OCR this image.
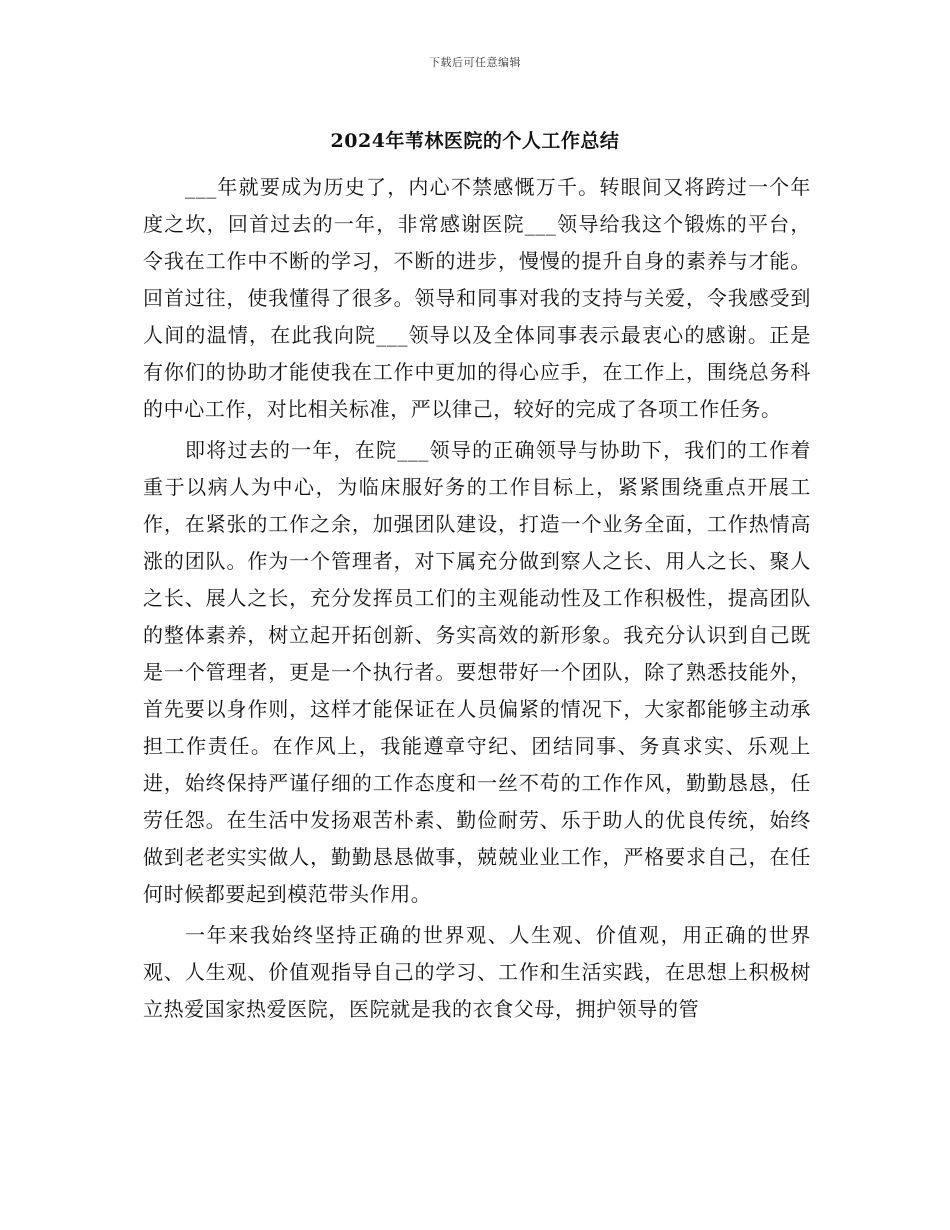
下载后可任意编辑
2024年苇林医院的个人工作总结

___年就要成为历史了，内心不禁感慨万千。转眼间又将跨过一个年度之坎，回首过去的一年，非常感谢医院___领导给我这个锻炼的平台，令我在工作中不断的学习，不断的进步，慢慢的提升自身的素养与才能。回首过往，使我懂得了很多。领导和同事对我的支持与关爱，令我感受到人间的温情，在此我向院___领导以及全体同事表示最衷心的感谢。正是有你们的协助才能使我在工作中更加的得心应手，在工作上，围绕总务科的中心工作，对比相关标准，严以律己，较好的完成了各项工作任务。

即将过去的一年，在院___领导的正确领导与协助下，我们的工作着重于以病人为中心，为临床服好务的工作目标上，紧紧围绕重点开展工作，在紧张的工作之余，加强团队建设，打造一个业务全面，工作热情高涨的团队。作为一个管理者，对下属充分做到察人之长、用人之长、聚人之长、展人之长，充分发挥员工们的主观能动性及工作积极性，提高团队的整体素养，树立起开拓创新、务实高效的新形象。我充分认识到自己既是一个管理者，更是一个执行者。要想带好一个团队，除了熟悉技能外，首先要以身作则，这样才能保证在人员偏紧的情况下，大家都能够主动承担工作责任。在作风上，我能遵章守纪、团结同事、务真求实、乐观上进，始终保持严谨仔细的工作态度和一丝不苟的工作作风，勤勤恳恳，任劳任怨。在生活中发扬艰苦朴素、勤俭耐劳、乐于助人的优良传统，始终做到老老实实做人，勤勤恳恳做事，兢兢业业工作，严格要求自己，在任何时候都要起到模范带头作用。

一年来我始终坚持正确的世界观、人生观、价值观，用正确的世界观、人生观、价值观指导自己的学习、工作和生活实践，在思想上积极树立热爱国家热爱医院，医院就是我的衣食父母，拥护领导的管
